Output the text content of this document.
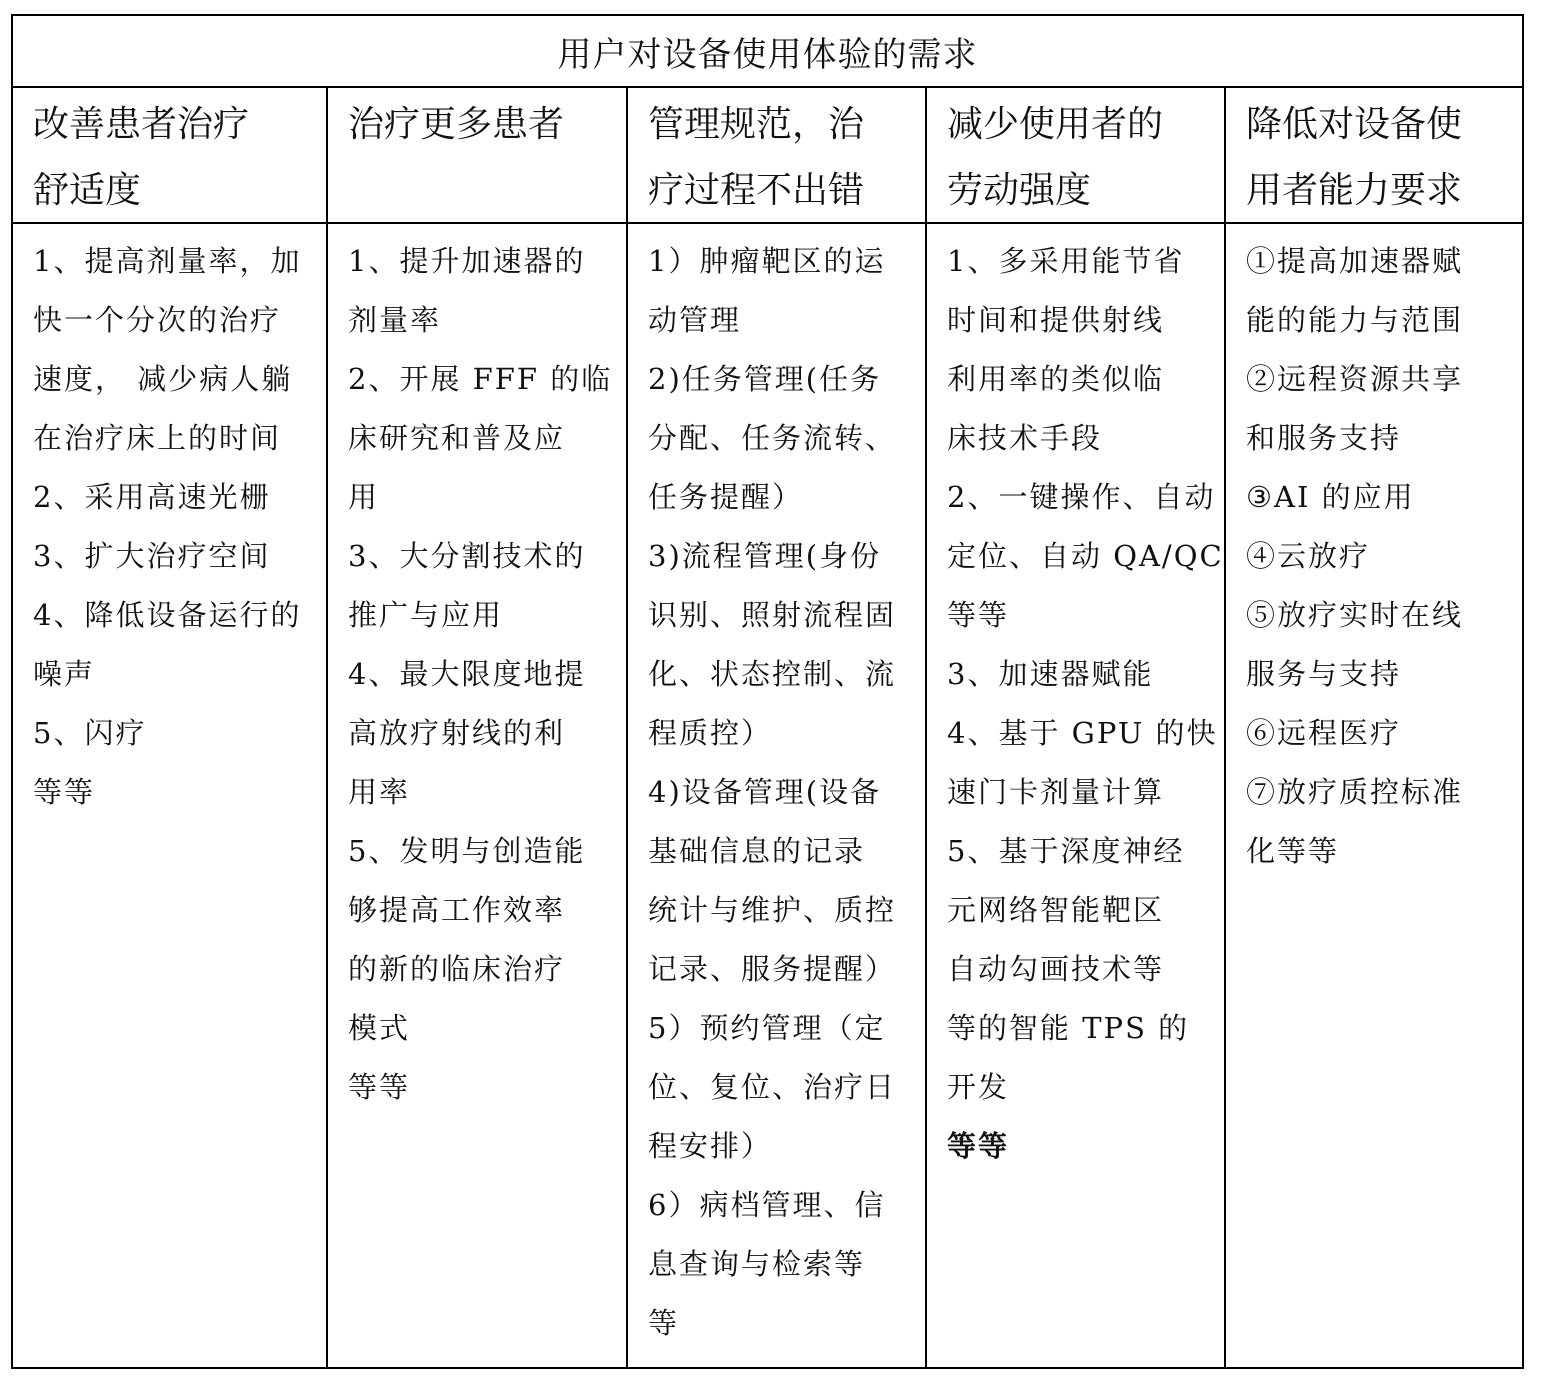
用户对设备使用体验的需求
改善患者治疗
舒适度
1、提高剂量率，加
快一个分次的治疗
速度， 减少病人躺
在治疗床上的时间
2、采用高速光栅
3、扩大治疗空间
4、降低设备运行的
噪声
5、闪疗
等等
治疗更多患者
1、提升加速器的
剂量率
2、开展 FFF 的临
床研究和普及应
用
3、大分割技术的
推广与应用
4、最大限度地提
高放疗射线的利
用率
5、发明与创造能
够提高工作效率
的新的临床治疗
模式
等等
管理规范，治
疗过程不出错
1）肿瘤靶区的运
动管理
2)任务管理(任务
分配、任务流转、
任务提醒）
3)流程管理(身份
识别、照射流程固
化、状态控制、流
程质控）
4)设备管理(设备
基础信息的记录
统计与维护、质控
记录、服务提醒）
5）预约管理（定
位、复位、治疗日
程安排）
6）病档管理、信
息查询与检索等
等
减少使用者的
劳动强度
1、多采用能节省
时间和提供射线
利用率的类似临
床技术手段
2、一键操作、自动
定位、自动 QA/QC
等等
3、加速器赋能
4、基于 GPU 的快
速门卡剂量计算
5、基于深度神经
元网络智能靶区
自动勾画技术等
等的智能 TPS 的
开发
等等
降低对设备使
用者能力要求
①提高加速器赋
能的能力与范围
②远程资源共享
和服务支持
③AI 的应用
④云放疗
⑤放疗实时在线
服务与支持
⑥远程医疗
⑦放疗质控标准
化等等
